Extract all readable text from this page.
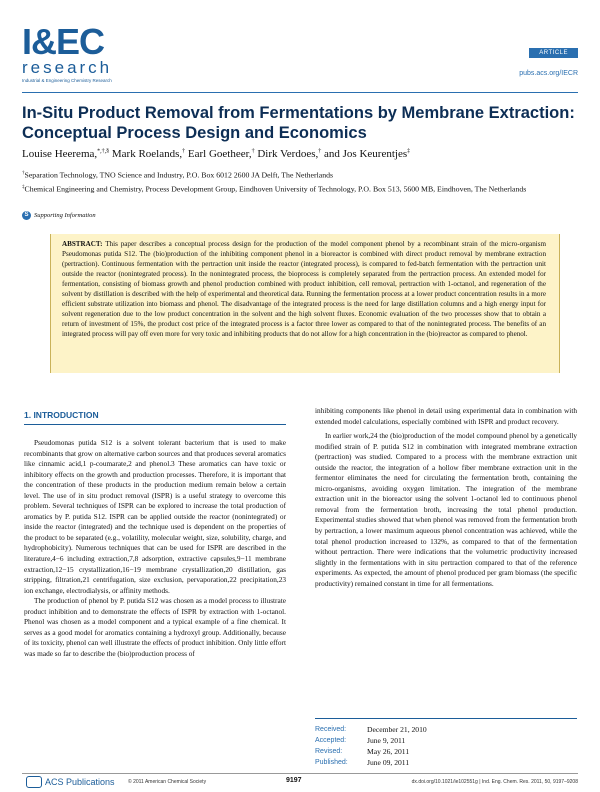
I&EC
research
Industrial & Engineering Chemistry Research
ARTICLE
pubs.acs.org/IECR
In-Situ Product Removal from Fermentations by Membrane Extraction: Conceptual Process Design and Economics
Louise Heerema,*,†,§ Mark Roelands,† Earl Goetheer,† Dirk Verdoes,† and Jos Keurentjes‡
†Separation Technology, TNO Science and Industry, P.O. Box 6012 2600 JA Delft, The Netherlands
‡Chemical Engineering and Chemistry, Process Development Group, Eindhoven University of Technology, P.O. Box 513, 5600 MB, Eindhoven, The Netherlands
S Supporting Information
ABSTRACT: This paper describes a conceptual process design for the production of the model component phenol by a recombinant strain of the micro-organism Pseudomonas putida S12. The (bio)production of the inhibiting component phenol in a bioreactor is combined with direct product removal by membrane extraction (pertraction). Continuous fermentation with the pertraction unit inside the reactor (integrated process), is compared to fed-batch fermentation with the pertraction unit outside the reactor (nonintegrated process). In the nonintegrated process, the bioprocess is completely separated from the pertraction process. An extended model for fermentation, consisting of biomass growth and phenol production combined with product inhibition, cell removal, pertraction with 1-octanol, and regeneration of the solvent by distillation is described with the help of experimental and theoretical data. Running the fermentation process at a lower product concentration results in a more efficient substrate utilization into biomass and phenol. The disadvantage of the integrated process is the need for large distillation columns and a high energy input for solvent regeneration due to the low product concentration in the solvent and the high solvent fluxes. Economic evaluation of the two processes show that to obtain a return of investment of 15%, the product cost price of the integrated process is a factor three lower as compared to that of the nonintegrated process. The benefits of an integrated process will pay off even more for very toxic and inhibiting products that do not allow for a high concentration in the (bio)reactor as compared to phenol.
1. INTRODUCTION

Pseudomonas putida S12 is a solvent tolerant bacterium that is used to make recombinants that grow on alternative carbon sources and that produces several aromatics like cinnamic acid,1 p-coumarate,2 and phenol.3 These aromatics can have toxic or inhibitory effects on the growth and production processes. Therefore, it is important that the concentration of these products in the production medium remain below a certain level. The use of in situ product removal (ISPR) is a useful strategy to overcome this problem. Several techniques of ISPR can be explored to increase the total production of aromatics by P. putida S12. ISPR can be applied outside the reactor (nonintegrated) or inside the reactor (integrated) and the technique used is dependent on the properties of the product to be separated (e.g., volatility, molecular weight, size, solubility, charge, and hydrophobicity). Numerous techniques that can be used for ISPR are described in the literature,4−6 including extraction,7,8 adsorption, extractive capsules,9−11 membrane extraction,12−15 crystallization,16−19 membrane crystallization,20 distillation, gas stripping, filtration,21 centrifugation, size exclusion, pervaporation,22 precipitation,23 ion exchange, electrodialysis, or affinity methods.

The production of phenol by P. putida S12 was chosen as a model process to illustrate product inhibition and to demonstrate the effects of ISPR by extraction with 1-octanol. Phenol was chosen as a model component and a typical example of a fine chemical. It serves as a good model for aromatics containing a hydroxyl group. Additionally, because of its toxicity, phenol can well illustrate the effects of product inhibition. Only little effort was made so far to describe the (bio)production process of

inhibiting components like phenol in detail using experimental data in combination with extended model calculations, especially combined with ISPR and product recovery.

In earlier work,24 the (bio)production of the model compound phenol by a genetically modified strain of P. putida S12 in combination with integrated membrane extraction (pertraction) was studied. Compared to a process with the membrane extraction unit outside the reactor, the integration of a hollow fiber membrane extraction unit in the fermentor eliminates the need for circulating the fermentation broth, containing the micro-organisms, avoiding oxygen limitation. The integration of the membrane extraction unit in the bioreactor using the solvent 1-octanol led to continuous phenol removal from the fermentation broth, increasing the total phenol production. Experimental studies showed that when phenol was removed from the fermentation broth by pertraction, a lower maximum aqueous phenol concentration was achieved, while the total phenol production increased to 132%, as compared to that of the fermentation without pertraction. There were indications that the volumetric productivity increased slightly in the fermentations with in situ pertraction compared to that of the reference experiments. As expected, the amount of phenol produced per gram biomass (the specific productivity) remained constant in time for all fermentations.

Received:	December 21, 2010
Accepted:	June 9, 2011
Revised:	May 26, 2011
Published:	June 09, 2011
ACS Publications	© 2011 American Chemical Society	9197	dx.doi.org/10.1021/ie102551g | Ind. Eng. Chem. Res. 2011, 50, 9197–9208
